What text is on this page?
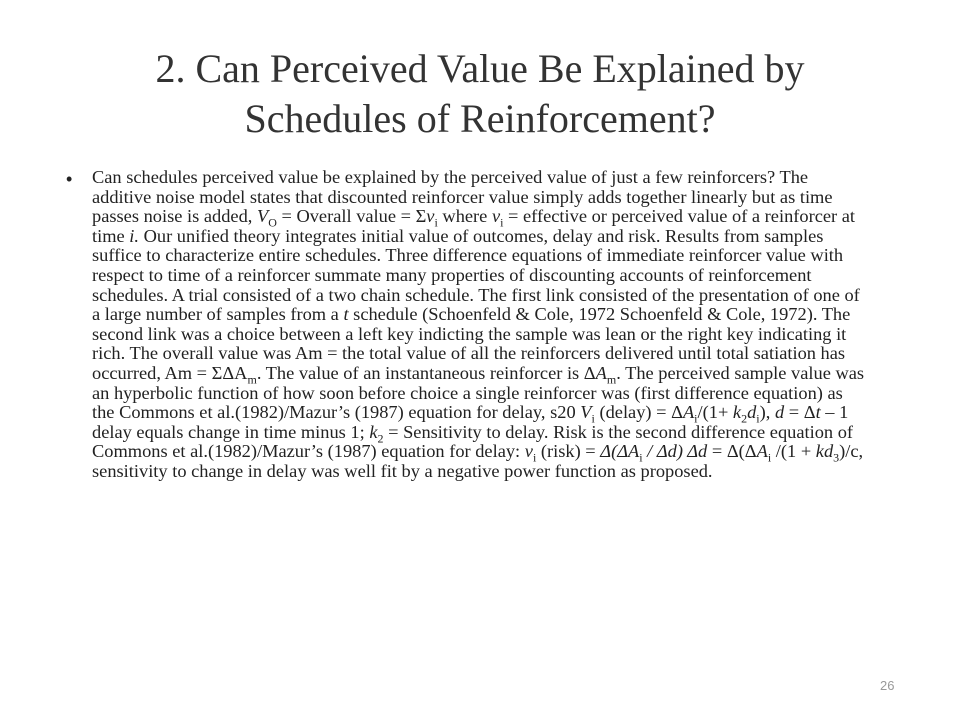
2. Can Perceived Value Be Explained by
Schedules of Reinforcement?
• Can schedules perceived value be explained by the perceived value of just a few reinforcers? The additive noise model states that discounted reinforcer value simply adds together linearly but as time passes noise is added, $V_O$ = Overall value = $\Sigma v_i$ where $v_i$ = effective or perceived value of a reinforcer at time i. Our unified theory integrates initial value of outcomes, delay and risk. Results from samples suffice to characterize entire schedules. Three difference equations of immediate reinforcer value with respect to time of a reinforcer summate many properties of discounting accounts of reinforcement schedules. A trial consisted of a two chain schedule. The first link consisted of the presentation of one of a large number of samples from a t schedule (Schoenfeld & Cole, 1972 Schoenfeld & Cole, 1972). The second link was a choice between a left key indicting the sample was lean or the right key indicating it rich. The overall value was Am = the total value of all the reinforcers delivered until total satiation has occurred, $Am = \Sigma\Delta A_m$. The value of an instantaneous reinforcer is $\Delta A_m$. The perceived sample value was an hyperbolic function of how soon before choice a single reinforcer was (first difference equation) as the Commons et al.(1982)/Mazur’s (1987) equation for delay, s20 $V_i$ (delay) = $\Delta A_i/(1+ k_2d_i)$, d = Δt – 1 delay equals change in time minus 1; $k_2$ = Sensitivity to delay. Risk is the second difference equation of Commons et al.(1982)/Mazur’s (1987) equation for delay: $v_i$ (risk) = $\Delta(\Delta A_i / \Delta d) \Delta d = \Delta(\Delta A_i$ $/(1 + kd_3)/c$, sensitivity to change in delay was well fit by a negative power function as proposed.

26
